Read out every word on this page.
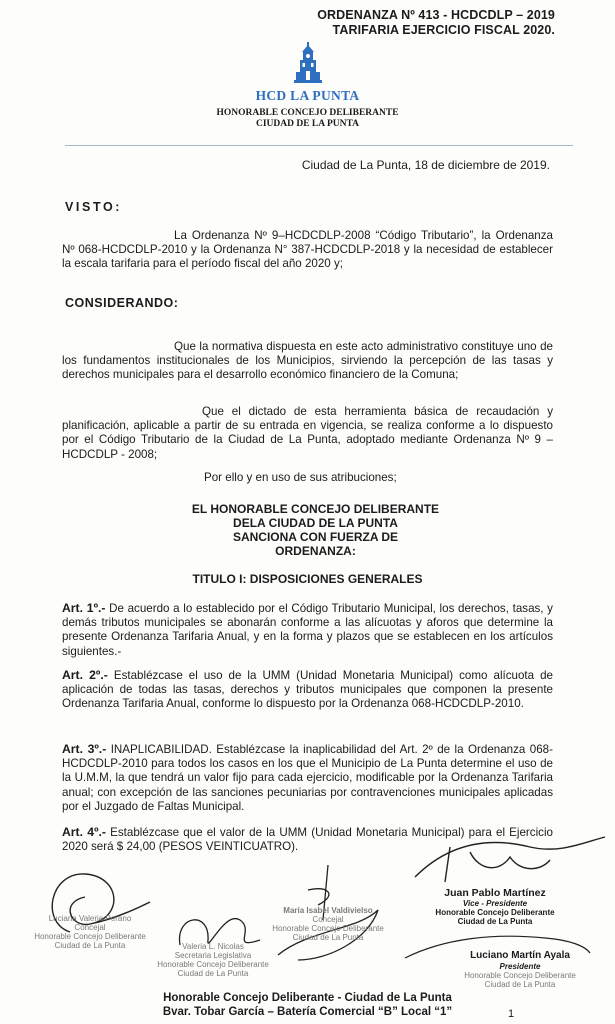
ORDENANZA Nº 413 - HCDCDLP – 2019
TARIFARIA EJERCICIO FISCAL 2020.
HCD LA PUNTA
HONORABLE CONCEJO DELIBERANTE
CIUDAD DE LA PUNTA
Ciudad de La Punta, 18 de diciembre de 2019.
VISTO:
La Ordenanza Nº 9–HCDCDLP-2008 “Código Tributario”, la Ordenanza Nº 068-HCDCDLP-2010 y la Ordenanza N° 387-HCDCDLP-2018 y la necesidad de establecer la escala tarifaria para el período fiscal del año 2020 y;
CONSIDERANDO:
Que la normativa dispuesta en este acto administrativo constituye uno de los fundamentos institucionales de los Municipios, sirviendo la percepción de las tasas y derechos municipales para el desarrollo económico financiero de la Comuna;
Que el dictado de esta herramienta básica de recaudación y planificación, aplicable a partir de su entrada en vigencia, se realiza conforme a lo dispuesto por el Código Tributario de la Ciudad de La Punta, adoptado mediante Ordenanza Nº 9 – HCDCDLP - 2008;
Por ello y en uso de sus atribuciones;
EL HONORABLE CONCEJO DELIBERANTE
DELA CIUDAD DE LA PUNTA
SANCIONA CON FUERZA DE
ORDENANZA:
TITULO I: DISPOSICIONES GENERALES
Art. 1º.- De acuerdo a lo establecido por el Código Tributario Municipal, los derechos, tasas, y demás tributos municipales se abonarán conforme a las alícuotas y aforos que determine la presente Ordenanza Tarifaria Anual, y en la forma y plazos que se establecen en los artículos siguientes.-
Art. 2º.- Establézcase el uso de la UMM (Unidad Monetaria Municipal) como alícuota de aplicación de todas las tasas, derechos y tributos municipales que componen la presente Ordenanza Tarifaria Anual, conforme lo dispuesto por la Ordenanza 068-HCDCDLP-2010.
Art. 3º.- INAPLICABILIDAD. Establézcase la inaplicabilidad del Art. 2º de la Ordenanza 068-HCDCDLP-2010 para todos los casos en los que el Municipio de La Punta determine el uso de la U.M.M, la que tendrá un valor fijo para cada ejercicio, modificable por la Ordenanza Tarifaria anual; con excepción de las sanciones pecuniarias por contravenciones municipales aplicadas por el Juzgado de Faltas Municipal.
Art. 4º.- Establézcase que el valor de la UMM (Unidad Monetaria Municipal) para el Ejercicio 2020 será $ 24,00 (PESOS VEINTICUATRO).
Luciana Valeria Perano
Concejal
Honorable Concejo Deliberante
Ciudad de La Punta	Valeria L. Nicolas
Secretaria Legislativa
Honorable Concejo Deliberante
Ciudad de La Punta
María Isabel Valdivielso
Concejal
Honorable Concejo Deliberante
Ciudad de La Punta
Juan Pablo Martínez
Vice - Presidente
Honorable Concejo Deliberante
Ciudad de La Punta
Luciano Martín Ayala
Presidente
Honorable Concejo Deliberante
Ciudad de La Punta
Honorable Concejo Deliberante - Ciudad de La Punta
Bvar. Tobar García – Batería Comercial “B” Local “1”	1
